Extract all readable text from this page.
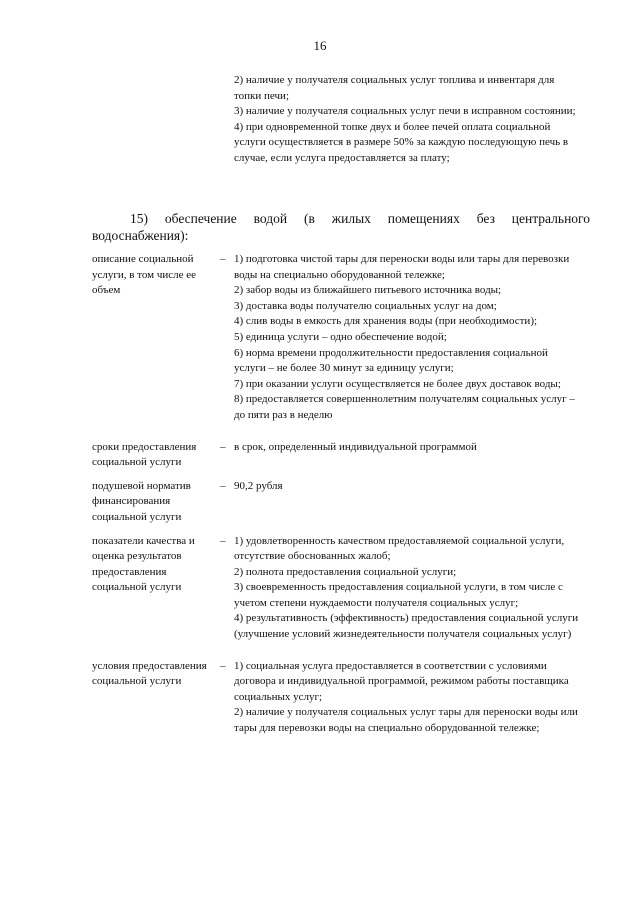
16

2) наличие у получателя социальных услуг топлива и инвентаря для топки печи;

3) наличие у получателя социальных услуг печи в исправном состоянии;

4) при одновременной топке двух и более печей оплата социальной услуги осуществляется в размере 50% за каждую последующую печь в случае, если услуга предоставляется за плату;

15) обеспечение водой (в жилых помещениях без центрального
водоснабжения):
описание социальной услуги, в том числе ее объем
– 1) подготовка чистой тары для переноски воды или тары для перевозки воды на специально оборудованной тележке;

2) забор воды из ближайшего питьевого источника воды;

3) доставка воды получателю социальных услуг на дом;

4) слив воды в емкость для хранения воды (при необходимости);

5) единица услуги – одно обеспечение водой;

6) норма времени продолжительности предоставления социальной услуги – не более 30 минут за единицу услуги;

7) при оказании услуги осуществляется не более двух доставок воды;

8) предоставляется совершеннолетним получателям социальных услуг – до пяти раз в неделю

сроки предоставления социальной услуги
– в срок, определенный индивидуальной программой

подушевой норматив финансирования социальной услуги
– 90,2 рубля

показатели качества и оценка результатов предоставления социальной услуги
– 1) удовлетворенность качеством предоставляемой социальной услуги, отсутствие обоснованных жалоб;

2) полнота предоставления социальной услуги;

3) своевременность предоставления социальной услуги, в том числе с учетом степени нуждаемости получателя социальных услуг;

4) результативность (эффективность) предоставления социальной услуги (улучшение условий жизнедеятельности получателя социальных услуг)

условия предоставления социальной услуги
– 1) социальная услуга предоставляется в соответствии с условиями договора и индивидуальной программой, режимом работы поставщика социальных услуг;

2) наличие у получателя социальных услуг тары для переноски воды или тары для перевозки воды на специально оборудованной тележке;
